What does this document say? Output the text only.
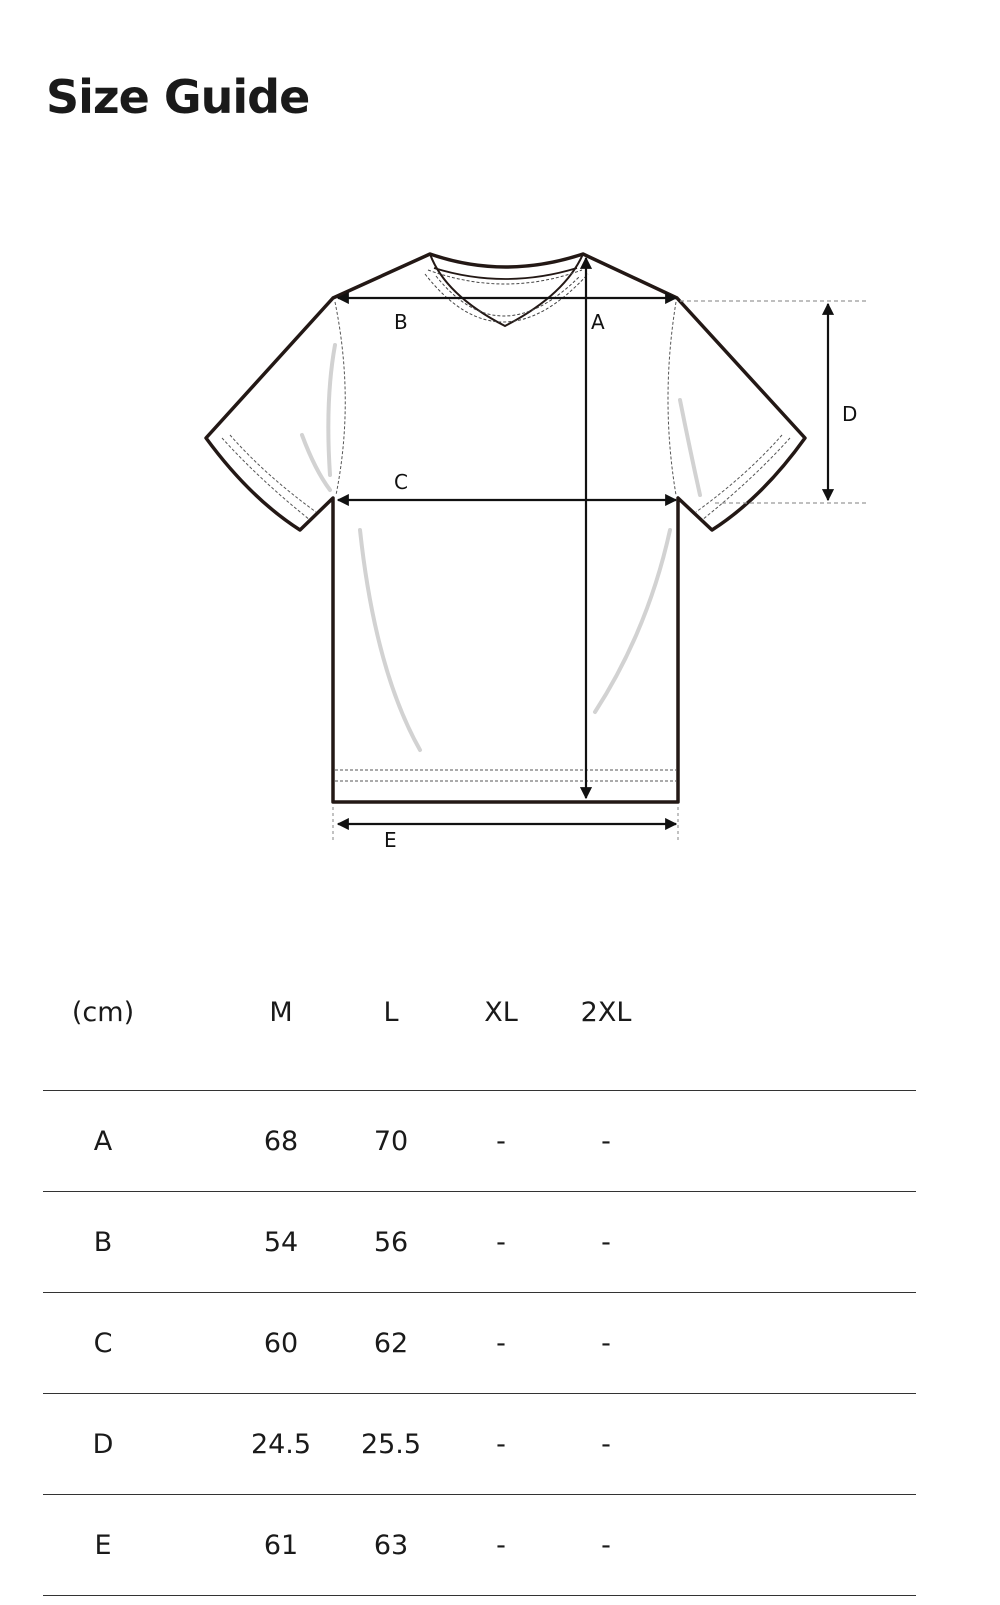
Size Guide
B	A
C
D
E
(cm)	M	L	XL	2XL
A	68	70	-	-
B	54	56	-	-
C	60	62	-	-
D	24.5	25.5	-	-
E	61	63	-	-
